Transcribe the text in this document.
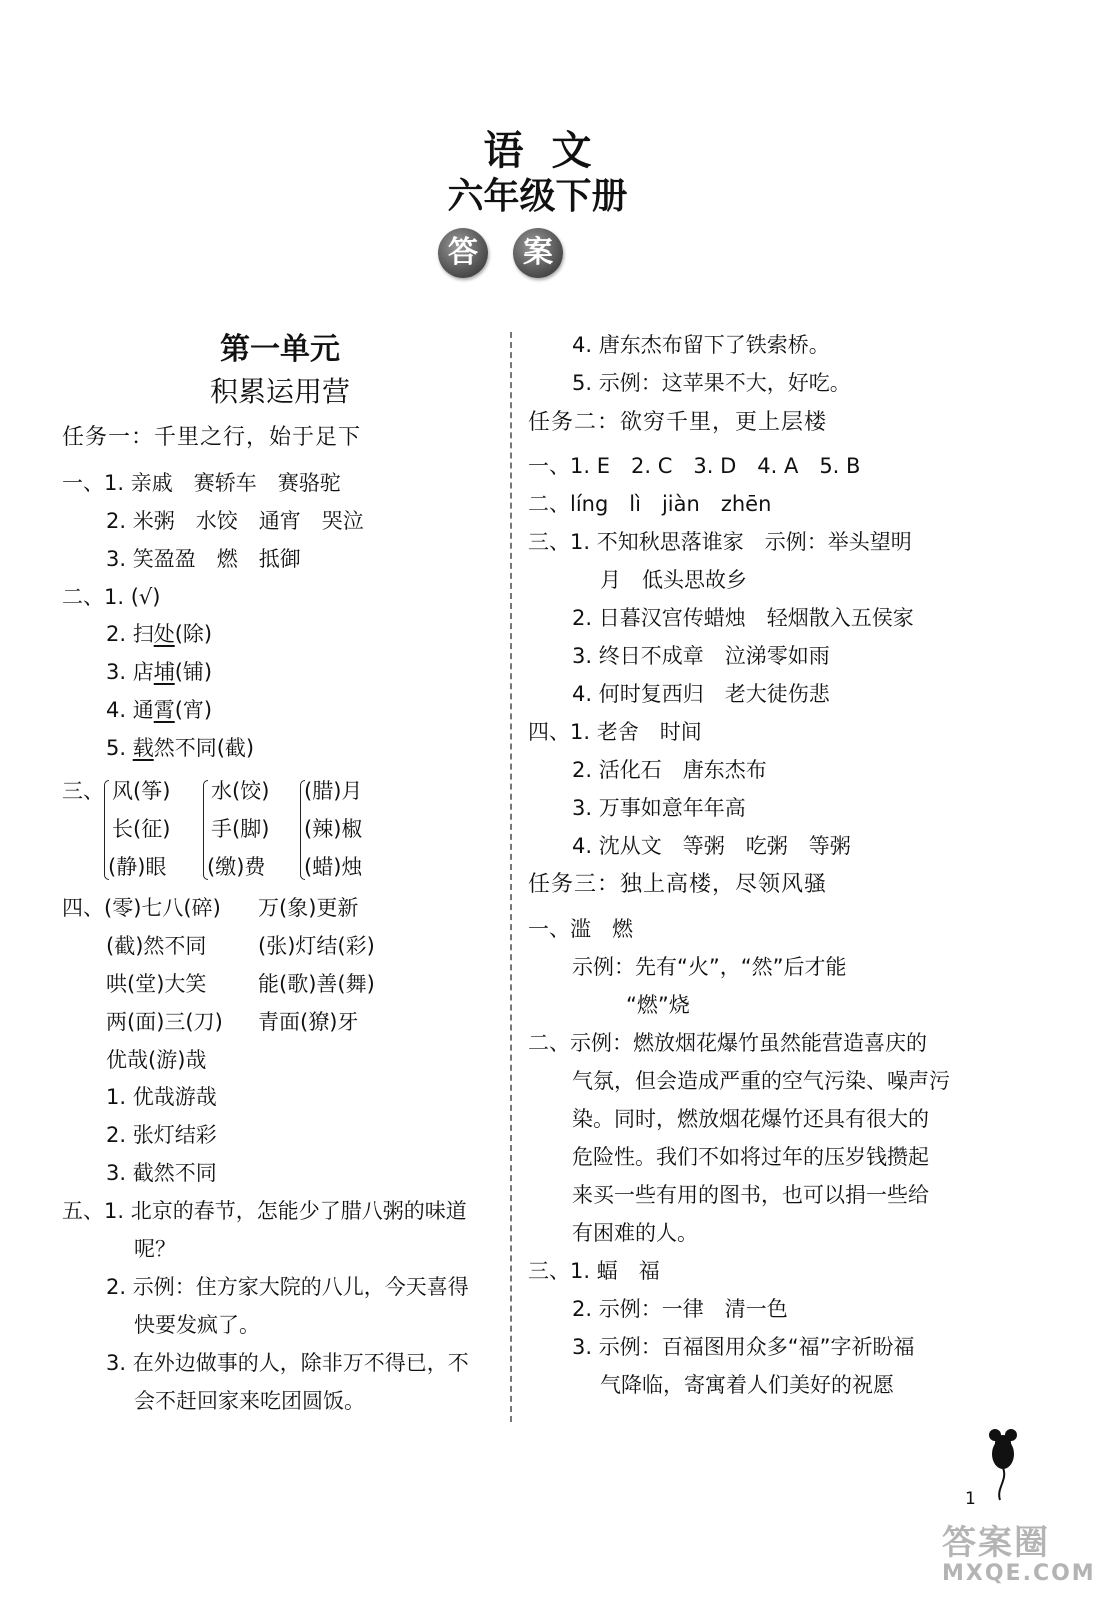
语文
六年级下册
答	案
第一单元
积累运用营
任务一：千里之行，始于足下
一、1. 亲戚　赛轿车　赛骆驼
2. 米粥　水饺　通宵　哭泣
3. 笑盈盈　燃　抵御
二、1. (√)
2. 扫处(除)
3. 店埔(铺)
4. 通霄(宵)
5. 载然不同(截)
三、 风(筝)
长(征)
(静)眼
水(饺)
手(脚)
(缴)费
(腊)月
(辣)椒
(蜡)烛
四、(零)七八(碎) 万(象)更新
(截)然不同 (张)灯结(彩)
哄(堂)大笑 能(歌)善(舞)
两(面)三(刀) 青面(獠)牙
优哉(游)哉
1. 优哉游哉
2. 张灯结彩
3. 截然不同
五、1. 北京的春节，怎能少了腊八粥的味道
呢？
2. 示例：住方家大院的八儿，今天喜得
快要发疯了。
3. 在外边做事的人，除非万不得已，不
会不赶回家来吃团圆饭。
4. 唐东杰布留下了铁索桥。
5. 示例：这苹果不大，好吃。
任务二：欲穷千里，更上层楼
一、1. E　2. C　3. D　4. A　5. B
二、líng　lì　jiàn　zhēn
三、1. 不知秋思落谁家　示例：举头望明
月　低头思故乡
2. 日暮汉宫传蜡烛　轻烟散入五侯家
3. 终日不成章　泣涕零如雨
4. 何时复西归　老大徒伤悲
四、1. 老舍　时间
2. 活化石　唐东杰布
3. 万事如意年年高
4. 沈从文　等粥　吃粥　等粥
任务三：独上高楼，尽领风骚
一、滥　燃
示例：先有“火”，“然”后才能
“燃”烧
二、示例：燃放烟花爆竹虽然能营造喜庆的
气氛，但会造成严重的空气污染、噪声污
染。同时，燃放烟花爆竹还具有很大的
危险性。我们不如将过年的压岁钱攒起
来买一些有用的图书，也可以捐一些给
有困难的人。
三、1. 蝠　福
2. 示例：一律　清一色
3. 示例：百福图用众多“福”字祈盼福
气降临，寄寓着人们美好的祝愿
1
答案圈
MXQE.COM
